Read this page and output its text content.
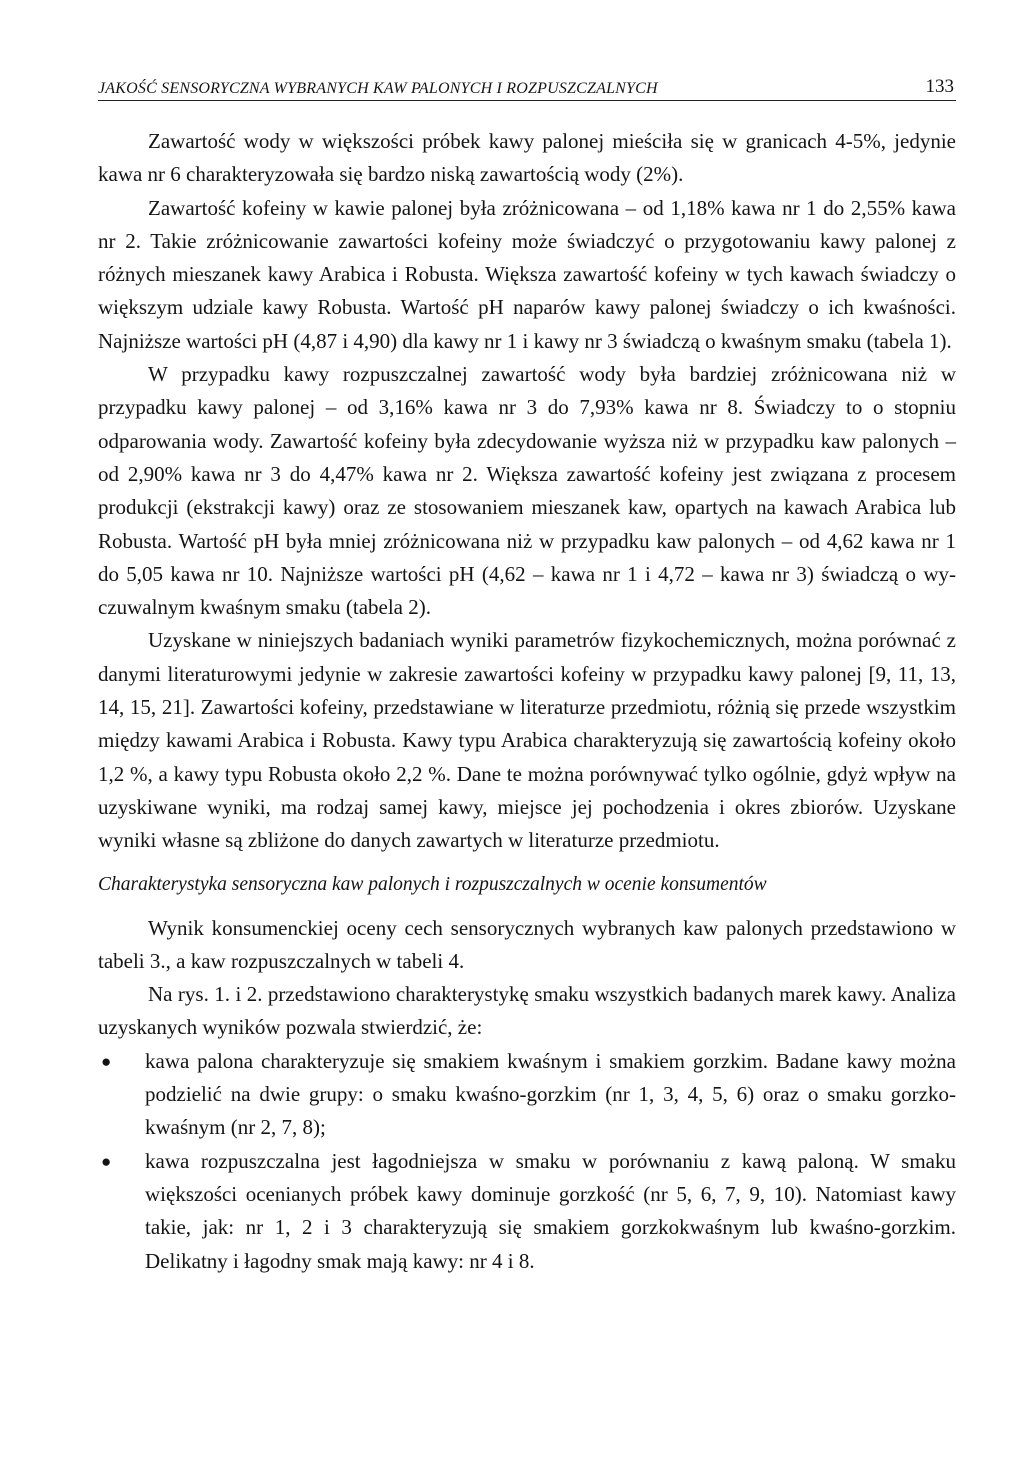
JAKOŚĆ SENSORYCZNA WYBRANYCH KAW PALONYCH I ROZPUSZCZALNYCH	133

Zawartość wody w większości próbek kawy palonej mieściła się w granicach 4-5%, jedynie kawa nr 6 charakteryzowała się bardzo niską zawartością wody (2%).

Zawartość kofeiny w kawie palonej była zróżnicowana – od 1,18% kawa nr 1 do 2,55% kawa nr 2. Takie zróżnicowanie zawartości kofeiny może świadczyć o przygotowaniu kawy palonej z różnych mieszanek kawy Arabica i Robusta. Większa zawartość kofeiny w tych kawach świadczy o większym udziale kawy Robusta. Wartość pH naparów kawy palonej świadczy o ich kwaśności. Najniższe wartości pH (4,87 i 4,90) dla kawy nr 1 i kawy nr 3 świadczą o kwaśnym smaku (tabela 1).

W przypadku kawy rozpuszczalnej zawartość wody była bardziej zróżnicowana niż w przypadku kawy palonej – od 3,16% kawa nr 3 do 7,93% kawa nr 8. Świadczy to o stopniu odparowania wody. Zawartość kofeiny była zdecydowanie wyższa niż w przypadku kaw palonych – od 2,90% kawa nr 3 do 4,47% kawa nr 2. Większa zawartość kofeiny jest związana z procesem produkcji (ekstrakcji kawy) oraz ze stosowaniem mieszanek kaw, opartych na kawach Arabica lub Robusta. Wartość pH była mniej zróżnicowana niż w przypadku kaw palonych – od 4,62 kawa nr 1 do 5,05 kawa nr 10. Najniższe wartości pH (4,62 – kawa nr 1 i 4,72 – kawa nr 3) świadczą o wyczuwalnym kwaśnym smaku (tabela 2).

Uzyskane w niniejszych badaniach wyniki parametrów fizykochemicznych, można porównać z danymi literaturowymi jedynie w zakresie zawartości kofeiny w przypadku kawy palonej [9, 11, 13, 14, 15, 21]. Zawartości kofeiny, przedstawiane w literaturze przedmiotu, różnią się przede wszystkim między kawami Arabica i Robusta. Kawy typu Arabica charakteryzują się zawartością kofeiny około 1,2 %, a kawy typu Robusta około 2,2 %. Dane te można porównywać tylko ogólnie, gdyż wpływ na uzyskiwane wyniki, ma rodzaj samej kawy, miejsce jej pochodzenia i okres zbiorów. Uzyskane wyniki własne są zbliżone do danych zawartych w literaturze przedmiotu.

Charakterystyka sensoryczna kaw palonych i rozpuszczalnych w ocenie konsumentów

Wynik konsumenckiej oceny cech sensorycznych wybranych kaw palonych przedstawiono w tabeli 3., a kaw rozpuszczalnych w tabeli 4.

Na rys. 1. i 2. przedstawiono charakterystykę smaku wszystkich badanych marek kawy. Analiza uzyskanych wyników pozwala stwierdzić, że:

● kawa palona charakteryzuje się smakiem kwaśnym i smakiem gorzkim. Badane kawy można podzielić na dwie grupy: o smaku kwaśno-gorzkim (nr 1, 3, 4, 5, 6) oraz o smaku gorzko-kwaśnym (nr 2, 7, 8);
● kawa rozpuszczalna jest łagodniejsza w smaku w porównaniu z kawą paloną. W smaku większości ocenianych próbek kawy dominuje gorzkość (nr 5, 6, 7, 9, 10). Natomiast kawy takie, jak: nr 1, 2 i 3 charakteryzują się smakiem gorzkokwaśnym lub kwaśno-gorzkim. Delikatny i łagodny smak mają kawy: nr 4 i 8.
